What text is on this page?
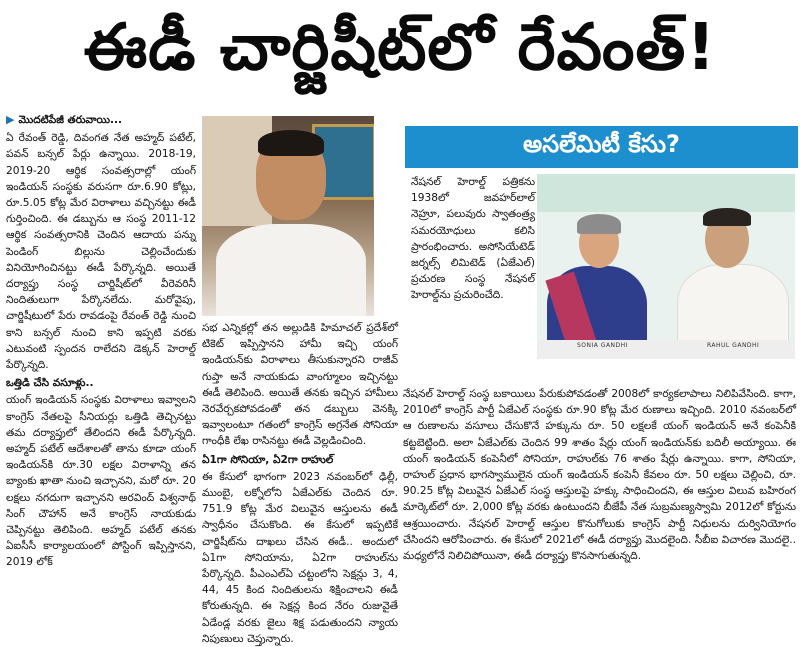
ఈడీ చార్జిషీట్‌లో రేవంత్!
▶ మొదటిపేజీ తరువాయి...

ఏ రేవంత్ రెడ్డి, దివంగత నేత అహ్మద్ పటేల్, పవన్ బన్సల్ పేర్లు ఉన్నాయి. 2018-19, 2019-20 ఆర్థిక సంవత్సరాల్లో యంగ్ ఇండియన్ సంస్థకు వరుసగా రూ.6.90 కోట్లు, రూ.5.05 కోట్ల మేర విరాళాలు వచ్చినట్టు ఈడీ గుర్తించింది. ఈ డబ్బును ఆ సంస్థ 2011-12 ఆర్థిక సంవత్సరానికి చెందిన ఆదాయ పన్ను పెండింగ్ బిల్లును చెల్లించేందుకు వినియోగించినట్టు ఈడీ పేర్కొన్నది. అయితే దర్యాప్తు సంస్థ చార్జిషీట్‌లో వీరెవరినీ నిందితులుగా పేర్కొనలేదు. మరోవైపు, చార్జిషీటులో పేరు రావడంపై రేవంత్ రెడ్డి నుంచి కాని బన్సల్ నుంచి కాని ఇప్పటి వరకు ఎటువంటి స్పందన రాలేదని డెక్కన్ హెరాల్డ్ పేర్కొన్నది.

ఒత్తిడి చేసి వసూళ్లు..

యంగ్ ఇండియన్ సంస్థకు విరాళాలు ఇవ్వాలని కాంగ్రెస్ నేతలపై సీనియర్లు ఒత్తిడి తెచ్చినట్టు తమ దర్యాప్తులో తేలిందని ఈడీ పేర్కొన్నది. అహ్మద్ పటేల్ ఆదేశాలతో తాను కూడా యంగ్ ఇండియన్‌కి రూ.30 లక్షల విరాళాన్ని తన బ్యాంకు ఖాతా నుంచి ఇచ్చానని, మరో రూ. 20 లక్షలు నగదుగా ఇచ్చానని అరవింద్ విశ్వనాథ్ సింగ్ చౌహాన్ అనే కాంగ్రెస్ నాయకుడు చెప్పినట్టు తెలిపింది. అహ్మద్ పటేల్ తనకు ఏఐసీసీ కార్యాలయంలో పోస్టింగ్ ఇప్పిస్తానని, 2019 లోక్

సభ ఎన్నికల్లో తన అల్లుడికి హిమాచల్ ప్రదేశ్‌లో టికెట్ ఇప్పిస్తానని హామీ ఇచ్చి యంగ్ ఇండియన్‌కు విరాళాలు తీసుకున్నారని రాజీవ్ గుప్తా అనే నాయకుడు వాంగ్మూలం ఇచ్చినట్టు ఈడీ తెలిపింది. అయితే తనకు ఇచ్చిన హామీలు నెరవేర్చకపోవడంతో తన డబ్బులు వెనక్కి ఇవ్వాలంటూ గతంలో కాంగ్రెస్ అగ్రనేత సోనియా గాంధీకి లేఖ రాసినట్టు ఈడీ వెల్లడించింది.

ఏ1గా సోనియా, ఏ2గా రాహుల్

ఈ కేసులో భాగంగా 2023 నవంబర్‌లో ఢిల్లీ, ముంబై, లక్నోలోని ఏజేఎల్‌కు చెందిన రూ. 751.9 కోట్ల మేర విలువైన ఆస్తులను ఈడీ స్వాధీనం చేసుకొంది. ఈ కేసులో ఇప్పటికే చార్జిషీట్‌ను దాఖలు చేసిన ఈడీ.. అందులో ఏ1గా సోనియాను, ఏ2గా రాహుల్‌ను పేర్కొన్నది. పీఎంఎల్ఏ చట్టంలోని సెక్షన్లు 3, 4, 44, 45 కింద నిందితులను శిక్షించాలని ఈడీ కోరుతున్నది. ఈ సెక్షన్ల కింద నేరం రుజువైతే ఏడేండ్ల వరకు జైలు శిక్ష పడుతుందని న్యాయ నిపుణులు చెప్తున్నారు.

అసలేమిటీ కేసు?
నేషనల్ హెరాల్డ్ పత్రికను 1938లో జవహర్‌లాల్ నెహ్రూ, పలువురు స్వాతంత్ర్య సమరయోధులు కలిసి ప్రారంభించారు. అసోసియేటెడ్ జర్నల్స్ లిమిటెడ్ (ఏజేఎల్) ప్రచురణ సంస్థ నేషనల్ హెరాల్డ్‌ను ప్రచురించేది.
SONIA GANDHI	RAHUL GANDHI

నేషనల్ హెరాల్డ్ సంస్థ బకాయిలు పేరుకుపోవడంతో 2008లో కార్యకలాపాలు నిలిపివేసింది. కాగా, 2010లో కాంగ్రెస్ పార్టీ ఏజేఎల్ సంస్థకు రూ.90 కోట్ల మేర రుణాలు ఇచ్చింది. 2010 నవంబర్‌లో ఆ రుణాలను వసూలు చేసుకొనే హక్కును రూ. 50 లక్షలకే యంగ్ ఇండియన్ అనే కంపెనీకి కట్టబెట్టింది. అలా ఏజేఎల్‌కు చెందిన 99 శాతం షేర్లు యంగ్ ఇండియన్‌కు బదిలీ అయ్యాయి. ఈ యంగ్ ఇండియన్ కంపెనీలో సోనియా, రాహుల్‌కు 76 శాతం షేర్లు ఉన్నాయి. కాగా, సోనియా, రాహుల్ ప్రధాన భాగస్వాములైన యంగ్ ఇండియన్ కంపెనీ కేవలం రూ. 50 లక్షలు చెల్లించి, రూ. 90.25 కోట్ల విలువైన ఏజేఎల్ సంస్థ ఆస్తులపై హక్కు సాధించిందని, ఈ ఆస్తుల విలువ బహిరంగ మార్కెట్‌లో రూ. 2,000 కోట్ల వరకు ఉంటుందని బీజేపీ నేత సుబ్రమణ్యస్వామి 2012లో కోర్టును ఆశ్రయించారు. నేషనల్ హెరాల్డ్ ఆస్తుల కొనుగోలుకు కాంగ్రెస్ పార్టీ నిధులను దుర్వినియోగం చేసిందని ఆరోపించారు. ఈ కేసులో 2021లో ఈడీ దర్యాప్తు మొదలైంది. సీబీఐ విచారణ మొదలై.. మధ్యలోనే నిలిచిపోయినా, ఈడీ దర్యాప్తు కొనసాగుతున్నది.
